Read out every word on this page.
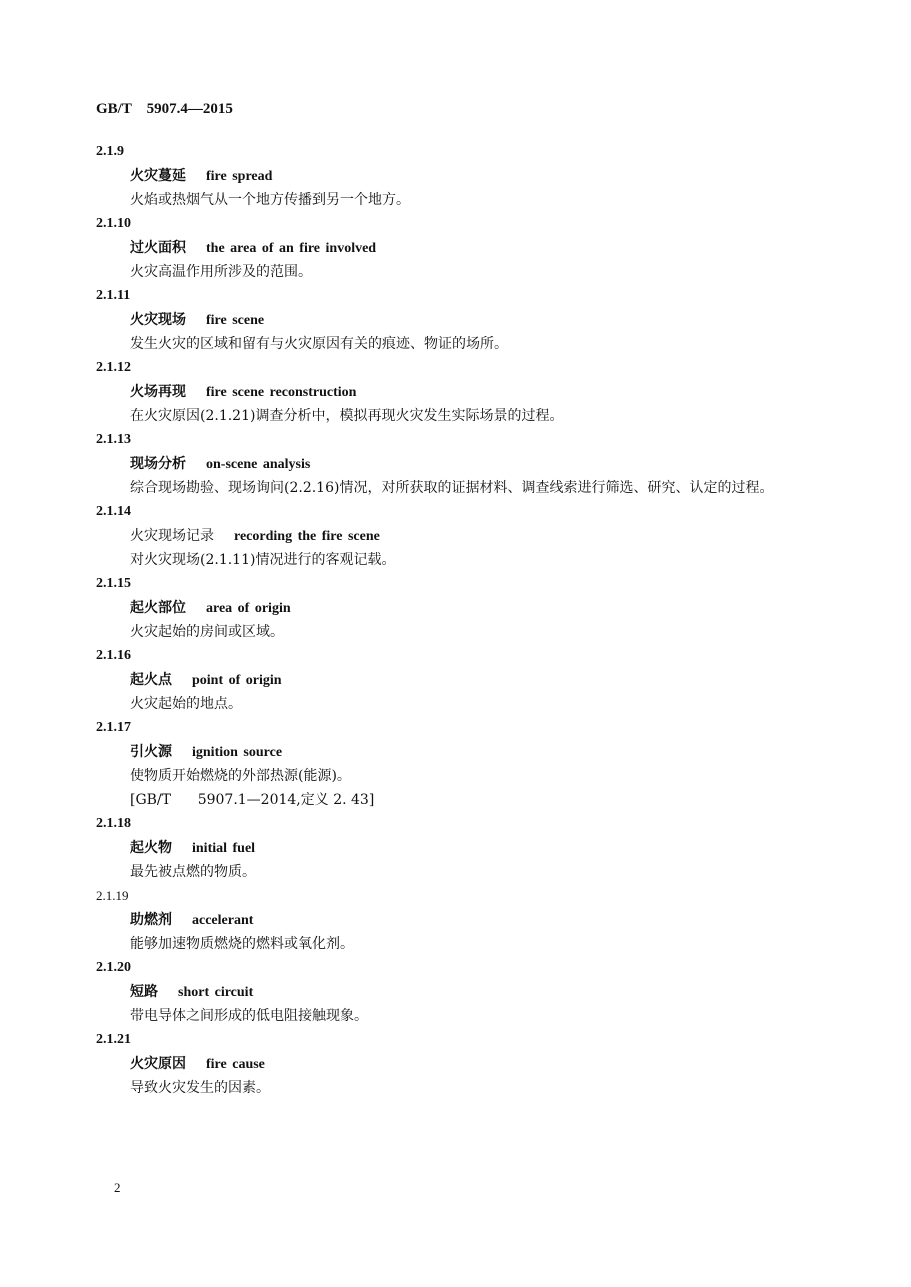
GB/T    5907.4—2015
2.1.9
火灾蔓延 fire spread
火焰或热烟气从一个地方传播到另一个地方。
2.1.10
过火面积 the area of an fire involved
火灾高温作用所涉及的范围。
2.1.11
火灾现场 fire scene
发生火灾的区域和留有与火灾原因有关的痕迹、物证的场所。
2.1.12
火场再现 fire scene reconstruction
在火灾原因(2.1.21)调查分析中，模拟再现火灾发生实际场景的过程。
2.1.13
现场分析 on-scene analysis
综合现场勘验、现场询问(2.2.16)情况，对所获取的证据材料、调查线索进行筛选、研究、认定的过程。
2.1.14
火灾现场记录 recording the fire scene
对火灾现场(2.1.11)情况进行的客观记载。
2.1.15
起火部位 area of origin
火灾起始的房间或区域。
2.1.16
起火点 point of origin
火灾起始的地点。
2.1.17
引火源 ignition source
使物质开始燃烧的外部热源(能源)。
[GB/T      5907.1—2014,定义 2. 43]
2.1.18
起火物 initial fuel
最先被点燃的物质。
2.1.19
助燃剂 accelerant
能够加速物质燃烧的燃料或氧化剂。
2.1.20
短路 short circuit
带电导体之间形成的低电阻接触现象。
2.1.21
火灾原因 fire cause
导致火灾发生的因素。
2
